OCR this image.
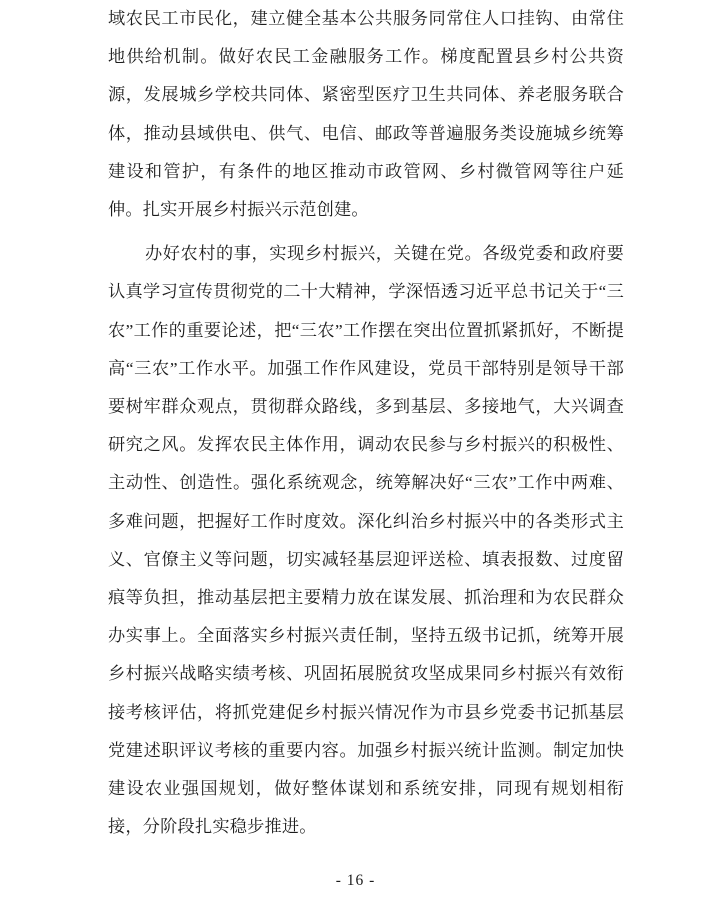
域农民工市民化，建立健全基本公共服务同常住人口挂钩、由常住地供给机制。做好农民工金融服务工作。梯度配置县乡村公共资源，发展城乡学校共同体、紧密型医疗卫生共同体、养老服务联合体，推动县域供电、供气、电信、邮政等普遍服务类设施城乡统筹建设和管护，有条件的地区推动市政管网、乡村微管网等往户延伸。扎实开展乡村振兴示范创建。

办好农村的事，实现乡村振兴，关键在党。各级党委和政府要认真学习宣传贯彻党的二十大精神，学深悟透习近平总书记关于“三农”工作的重要论述，把“三农”工作摆在突出位置抓紧抓好，不断提高“三农”工作水平。加强工作作风建设，党员干部特别是领导干部要树牢群众观点，贯彻群众路线，多到基层、多接地气，大兴调查研究之风。发挥农民主体作用，调动农民参与乡村振兴的积极性、主动性、创造性。强化系统观念，统筹解决好“三农”工作中两难、多难问题，把握好工作时度效。深化纠治乡村振兴中的各类形式主义、官僚主义等问题，切实减轻基层迎评送检、填表报数、过度留痕等负担，推动基层把主要精力放在谋发展、抓治理和为农民群众办实事上。全面落实乡村振兴责任制，坚持五级书记抓，统筹开展乡村振兴战略实绩考核、巩固拓展脱贫攻坚成果同乡村振兴有效衔接考核评估，将抓党建促乡村振兴情况作为市县乡党委书记抓基层党建述职评议考核的重要内容。加强乡村振兴统计监测。制定加快建设农业强国规划，做好整体谋划和系统安排，同现有规划相衔接，分阶段扎实稳步推进。

- 16 -
